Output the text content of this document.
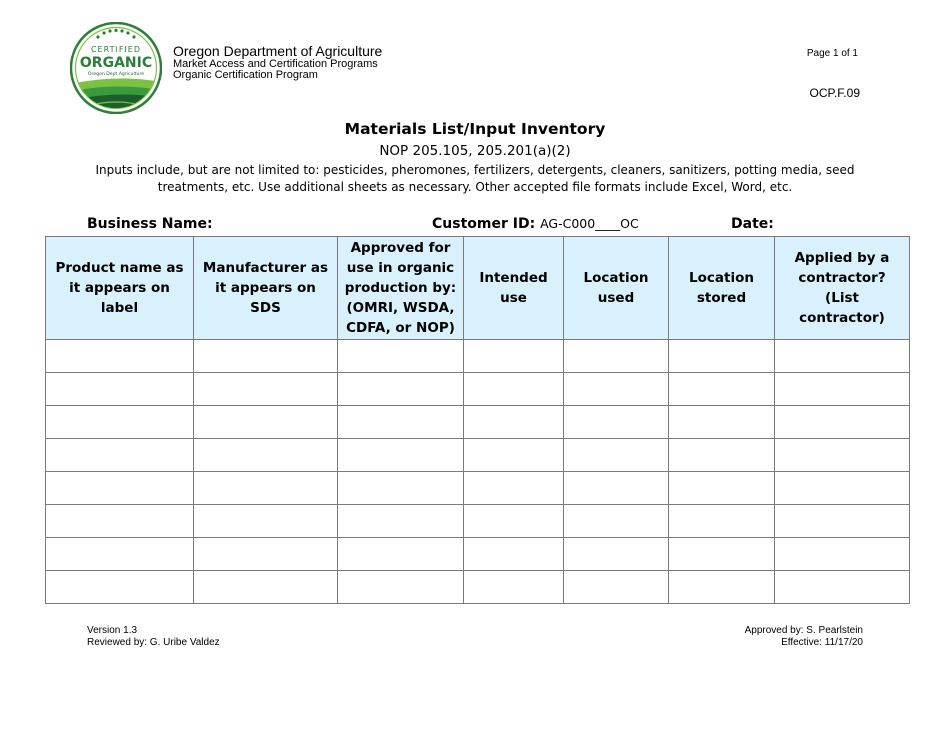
CERTIFIED
ORGANIC
Oregon Dept Agriculture
Oregon Department of Agriculture
Market Access and Certification Programs
Organic Certification Program
Page 1 of 1
OCP.F.09

Materials List/Input Inventory

NOP 205.105, 205.201(a)(2)

Inputs include, but are not limited to: pesticides, pheromones, fertilizers, detergents, cleaners, sanitizers, potting media, seed treatments, etc. Use additional sheets as necessary. Other accepted file formats include Excel, Word, etc.

Business Name:	Customer ID: AG-C000____OC	Date:
Product name as it appears on label	Manufacturer as it appears on SDS	Approved for use in organic production by: (OMRI, WSDA, CDFA, or NOP)	Intended use	Location used	Location stored	Applied by a contractor? (List contractor)

Version 1.3
Reviewed by: G. Uribe Valdez
Approved by: S. Pearlstein
Effective: 11/17/20
